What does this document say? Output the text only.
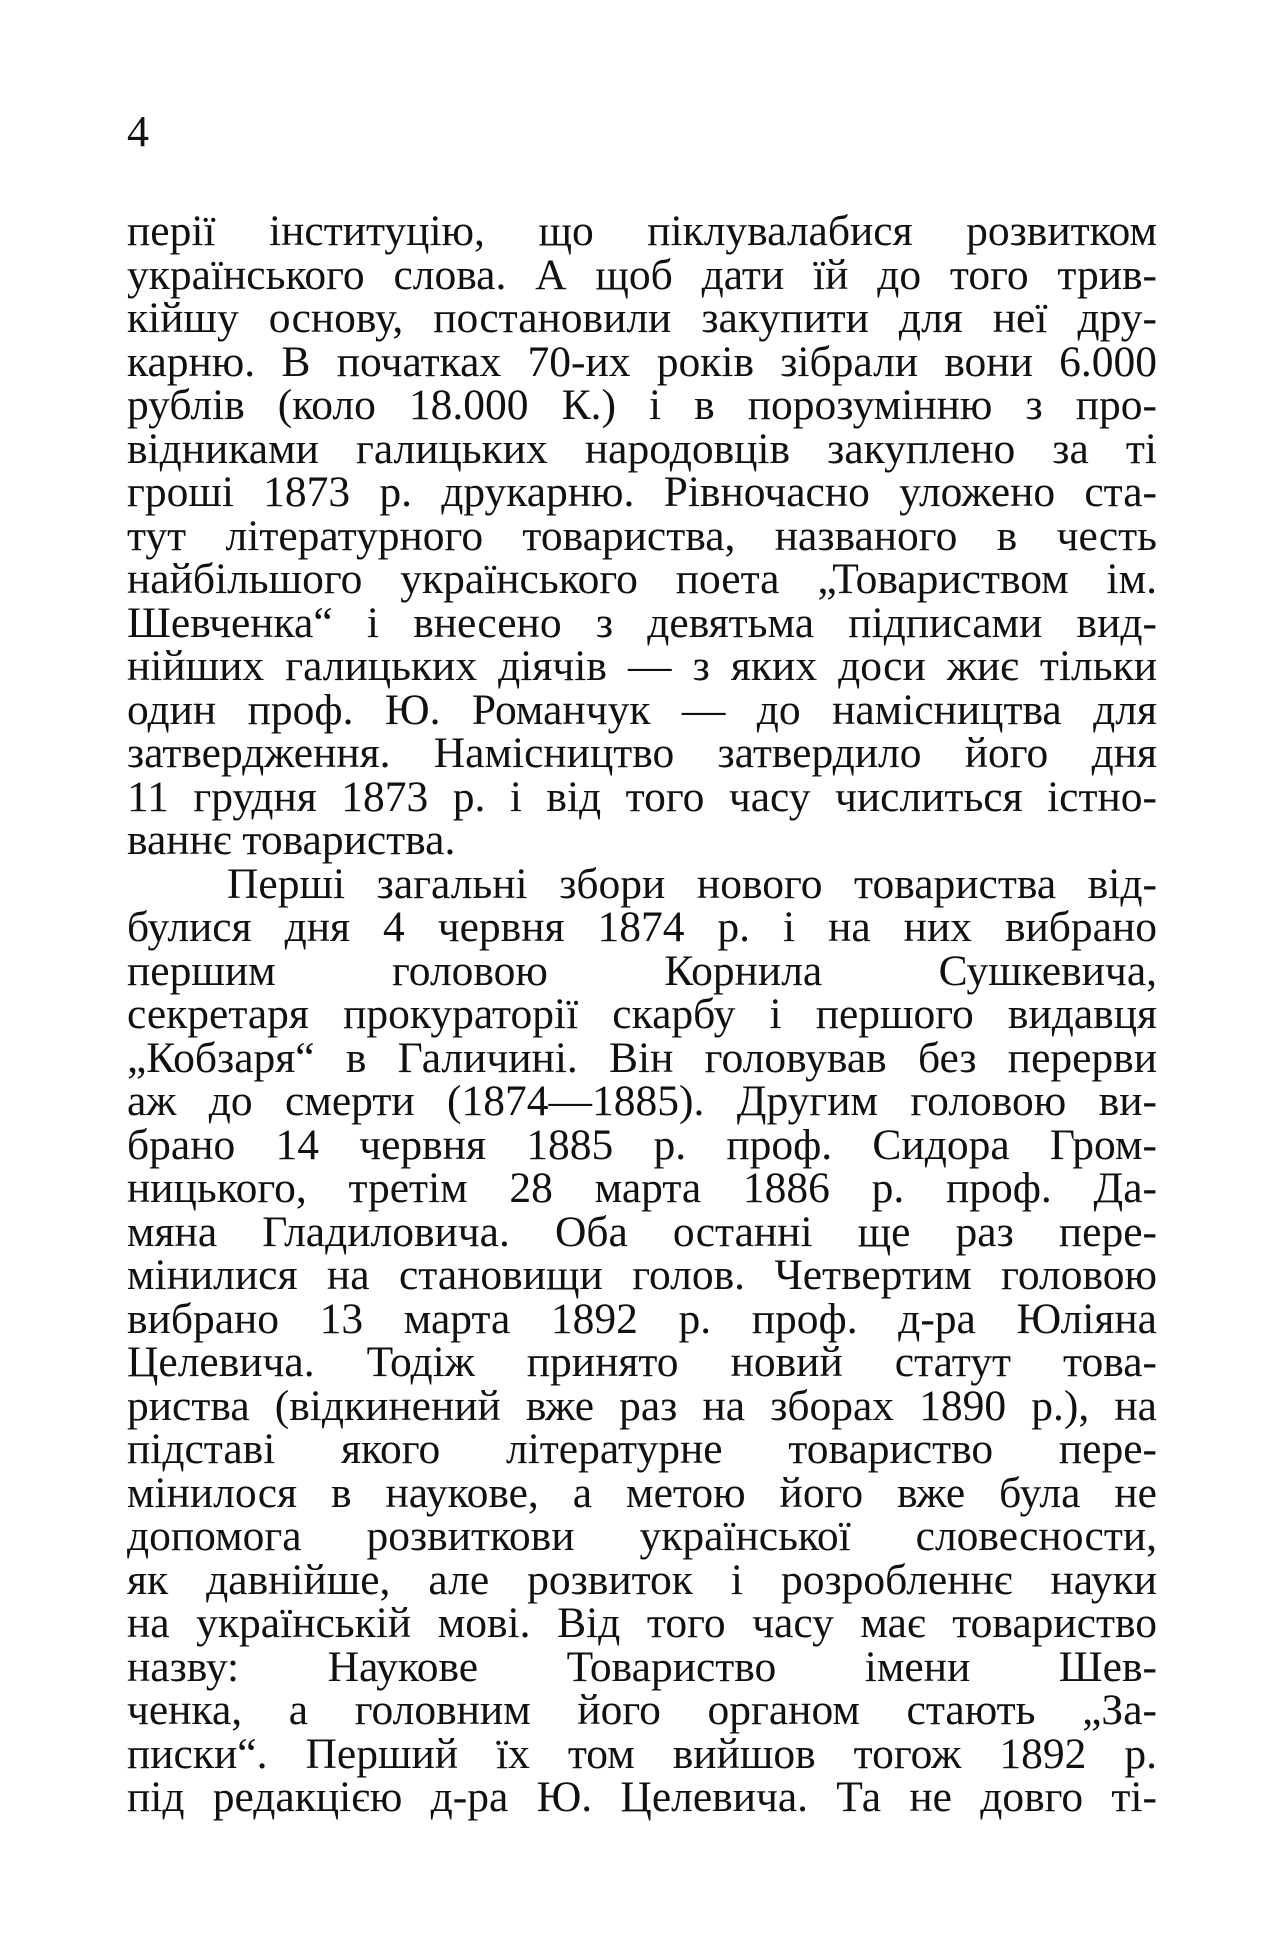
4
перії інституцію, що піклувалабися розвитком
українського слова. А щоб дати їй до того трив-
кійшу основу, постановили закупити для неї дру-
карню. В початках 70-их років зібрали вони 6.000
рублів (коло 18.000 К.) і в порозумінню з про-
відниками галицьких народовців закуплено за ті
гроші 1873 р. друкарню. Рівночасно уложено ста-
тут літературного товариства, названого в честь
найбільшого українського поета „Товариством ім.
Шевченка“ і внесено з девятьма підписами вид-
нійших галицьких діячів — з яких доси жиє тільки
один проф. Ю. Романчук — до намісництва для
затвердження. Намісництво затвердило його дня
11 грудня 1873 р. і від того часу числиться істно-
ваннє товариства.
Перші загальні збори нового товариства від-
булися дня 4 червня 1874 р. і на них вибрано
першим головою Корнила Сушкевича,
секретаря прокураторії скарбу і першого видавця
„Кобзаря“ в Галичині. Він головував без перерви
аж до смерти (1874—1885). Другим головою ви-
брано 14 червня 1885 р. проф. Сидора Гром-
ницького, третім 28 марта 1886 р. проф. Да-
мяна Гладиловича. Оба останні ще раз пере-
мінилися на становищи голов. Четвертим головою
вибрано 13 марта 1892 р. проф. д-ра Юліяна
Целевича. Тодіж принято новий статут това-
риства (відкинений вже раз на зборах 1890 р.), на
підставі якого літературне товариство пере-
мінилося в наукове, а метою його вже була не
допомога розвиткови української словесности,
як давнійше, але розвиток і розробленнє науки
на українській мові. Від того часу має товариство
назву: Наукове Товариство імени Шев-
ченка, а головним його органом стають „За-
писки“. Перший їх том вийшов тогож 1892 р.
під редакцією д-ра Ю. Целевича. Та не довго ті-
